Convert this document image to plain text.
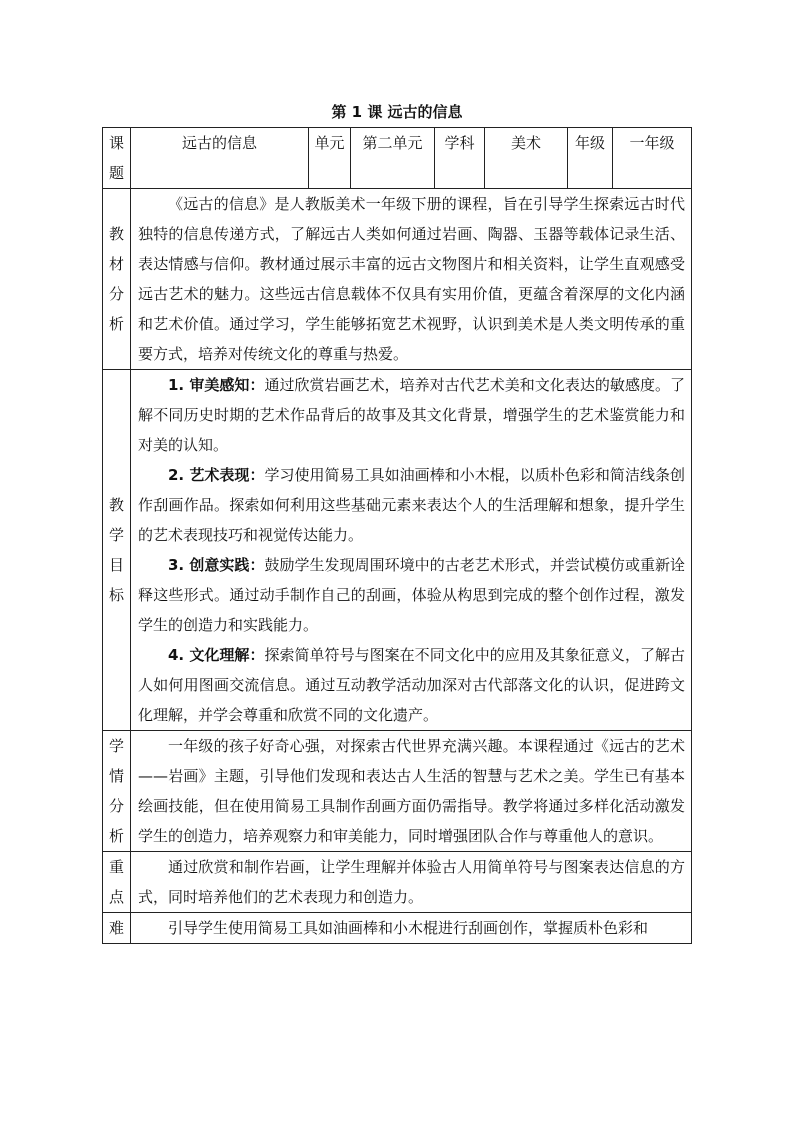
第 1 课 远古的信息
课题	远古的信息	单元	第二单元	学科	美术	年级	一年级
教材分析	《远古的信息》是人教版美术一年级下册的课程，旨在引导学生探索远古时代独特的信息传递方式，了解远古人类如何通过岩画、陶器、玉器等载体记录生活、表达情感与信仰。教材通过展示丰富的远古文物图片和相关资料，让学生直观感受远古艺术的魅力。这些远古信息载体不仅具有实用价值，更蕴含着深厚的文化内涵和艺术价值。通过学习，学生能够拓宽艺术视野，认识到美术是人类文明传承的重要方式，培养对传统文化的尊重与热爱。						

教学目标	1. 审美感知：通过欣赏岩画艺术，培养对古代艺术美和文化表达的敏感度。了解不同历史时期的艺术作品背后的故事及其文化背景，增强学生的艺术鉴赏能力和对美的认知。

2. 艺术表现：学习使用简易工具如油画棒和小木棍，以质朴色彩和简洁线条创作刮画作品。探索如何利用这些基础元素来表达个人的生活理解和想象，提升学生的艺术表现技巧和视觉传达能力。

3. 创意实践：鼓励学生发现周围环境中的古老艺术形式，并尝试模仿或重新诠释这些形式。通过动手制作自己的刮画，体验从构思到完成的整个创作过程，激发学生的创造力和实践能力。

4. 文化理解：探索简单符号与图案在不同文化中的应用及其象征意义，了解古人如何用图画交流信息。通过互动教学活动加深对古代部落文化的认识，促进跨文化理解，并学会尊重和欣赏不同的文化遗产。						

学情分析	一年级的孩子好奇心强，对探索古代世界充满兴趣。本课程通过《远古的艺术——岩画》主题，引导他们发现和表达古人生活的智慧与艺术之美。学生已有基本绘画技能，但在使用简易工具制作刮画方面仍需指导。教学将通过多样化活动激发学生的创造力，培养观察力和审美能力，同时增强团队合作与尊重他人的意识。						

重点	通过欣赏和制作岩画，让学生理解并体验古人用简单符号与图案表达信息的方式，同时培养他们的艺术表现力和创造力。						

难	引导学生使用简易工具如油画棒和小木棍进行刮画创作，掌握质朴色彩和						
